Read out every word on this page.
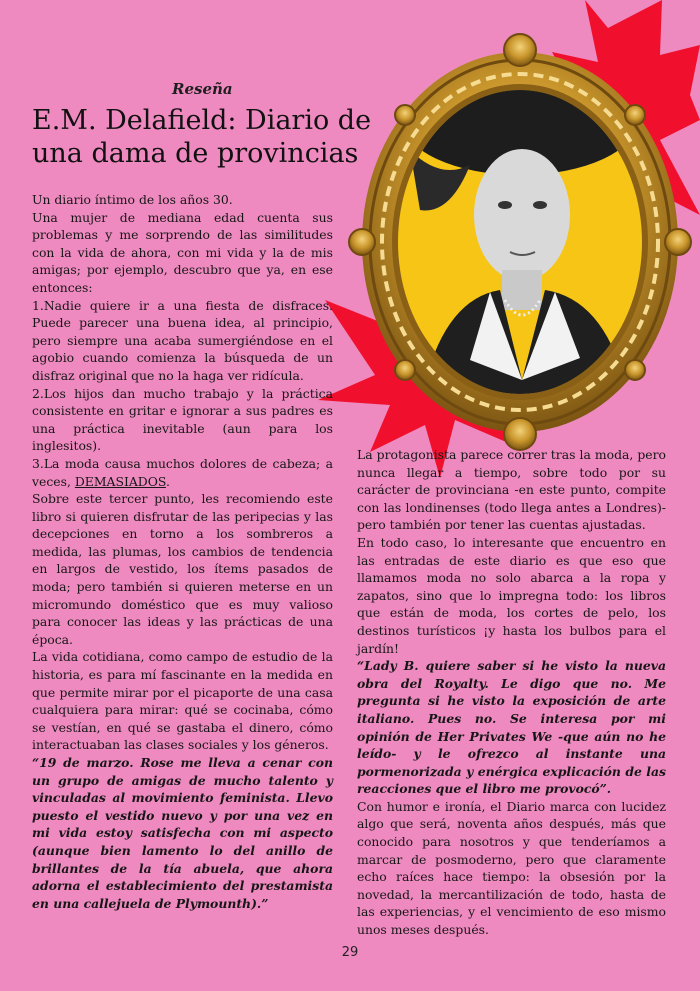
Reseña
E.M. Delafield: Diario de una dama de provincias

Un diario íntimo de los años 30.

Una mujer de mediana edad cuenta sus problemas y me sorprendo de las similitudes con la vida de ahora, con mi vida y la de mis amigas; por ejemplo, descubro que ya, en ese entonces:

1.Nadie quiere ir a una fiesta de disfraces. Puede parecer una buena idea, al principio, pero siempre una acaba sumergiéndose en el agobio cuando comienza la búsqueda de un disfraz original que no la haga ver ridícula.

2.Los hijos dan mucho trabajo y la práctica consistente en gritar e ignorar a sus padres es una práctica inevitable (aun para los inglesitos).

3.La moda causa muchos dolores de cabeza; a veces, DEMASIADOS.

Sobre este tercer punto, les recomiendo este libro si quieren disfrutar de las peripecias y las decepciones en torno a los sombreros a medida, las plumas, los cambios de tendencia en largos de vestido, los ítems pasados de moda; pero también si quieren meterse en un micromundo doméstico que es muy valioso para conocer las ideas y las prácticas de una época.

La vida cotidiana, como campo de estudio de la historia, es para mí fascinante en la medida en que permite mirar por el picaporte de una casa cualquiera para mirar: qué se cocinaba, cómo se vestían, en qué se gastaba el dinero, cómo interactuaban las clases sociales y los géneros.

“19 de marzo. Rose me lleva a cenar con un grupo de amigas de mucho talento y vinculadas al movimiento feminista. Llevo puesto el vestido nuevo y por una vez en mi vida estoy satisfecha con mi aspecto (aunque bien lamento lo del anillo de brillantes de la tía abuela, que ahora adorna el establecimiento del prestamista en una callejuela de Plymounth).”

La protagonista parece correr tras la moda, pero nunca llegar a tiempo, sobre todo por su carácter de provinciana -en este punto, compite con las londinenses (todo llega antes a Londres)- pero también por tener las cuentas ajustadas.

En todo caso, lo interesante que encuentro en las entradas de este diario es que eso que llamamos moda no solo abarca a la ropa y zapatos, sino que lo impregna todo: los libros que están de moda, los cortes de pelo, los destinos turísticos ¡y hasta los bulbos para el jardín!

“Lady B. quiere saber si he visto la nueva obra del Royalty. Le digo que no. Me pregunta si he visto la exposición de arte italiano. Pues no. Se interesa por mi opinión de Her Privates We -que aún no he leído- y le ofrezco al instante una pormenorizada y enérgica explicación de las reacciones que el libro me provocó”.

Con humor e ironía, el Diario marca con lucidez algo que será, noventa años después, más que conocido para nosotros y que tenderíamos a marcar de posmoderno, pero que claramente echo raíces hace tiempo: la obsesión por la novedad, la mercantilización de todo, hasta de las experiencias, y el vencimiento de eso mismo unos meses después.

29
